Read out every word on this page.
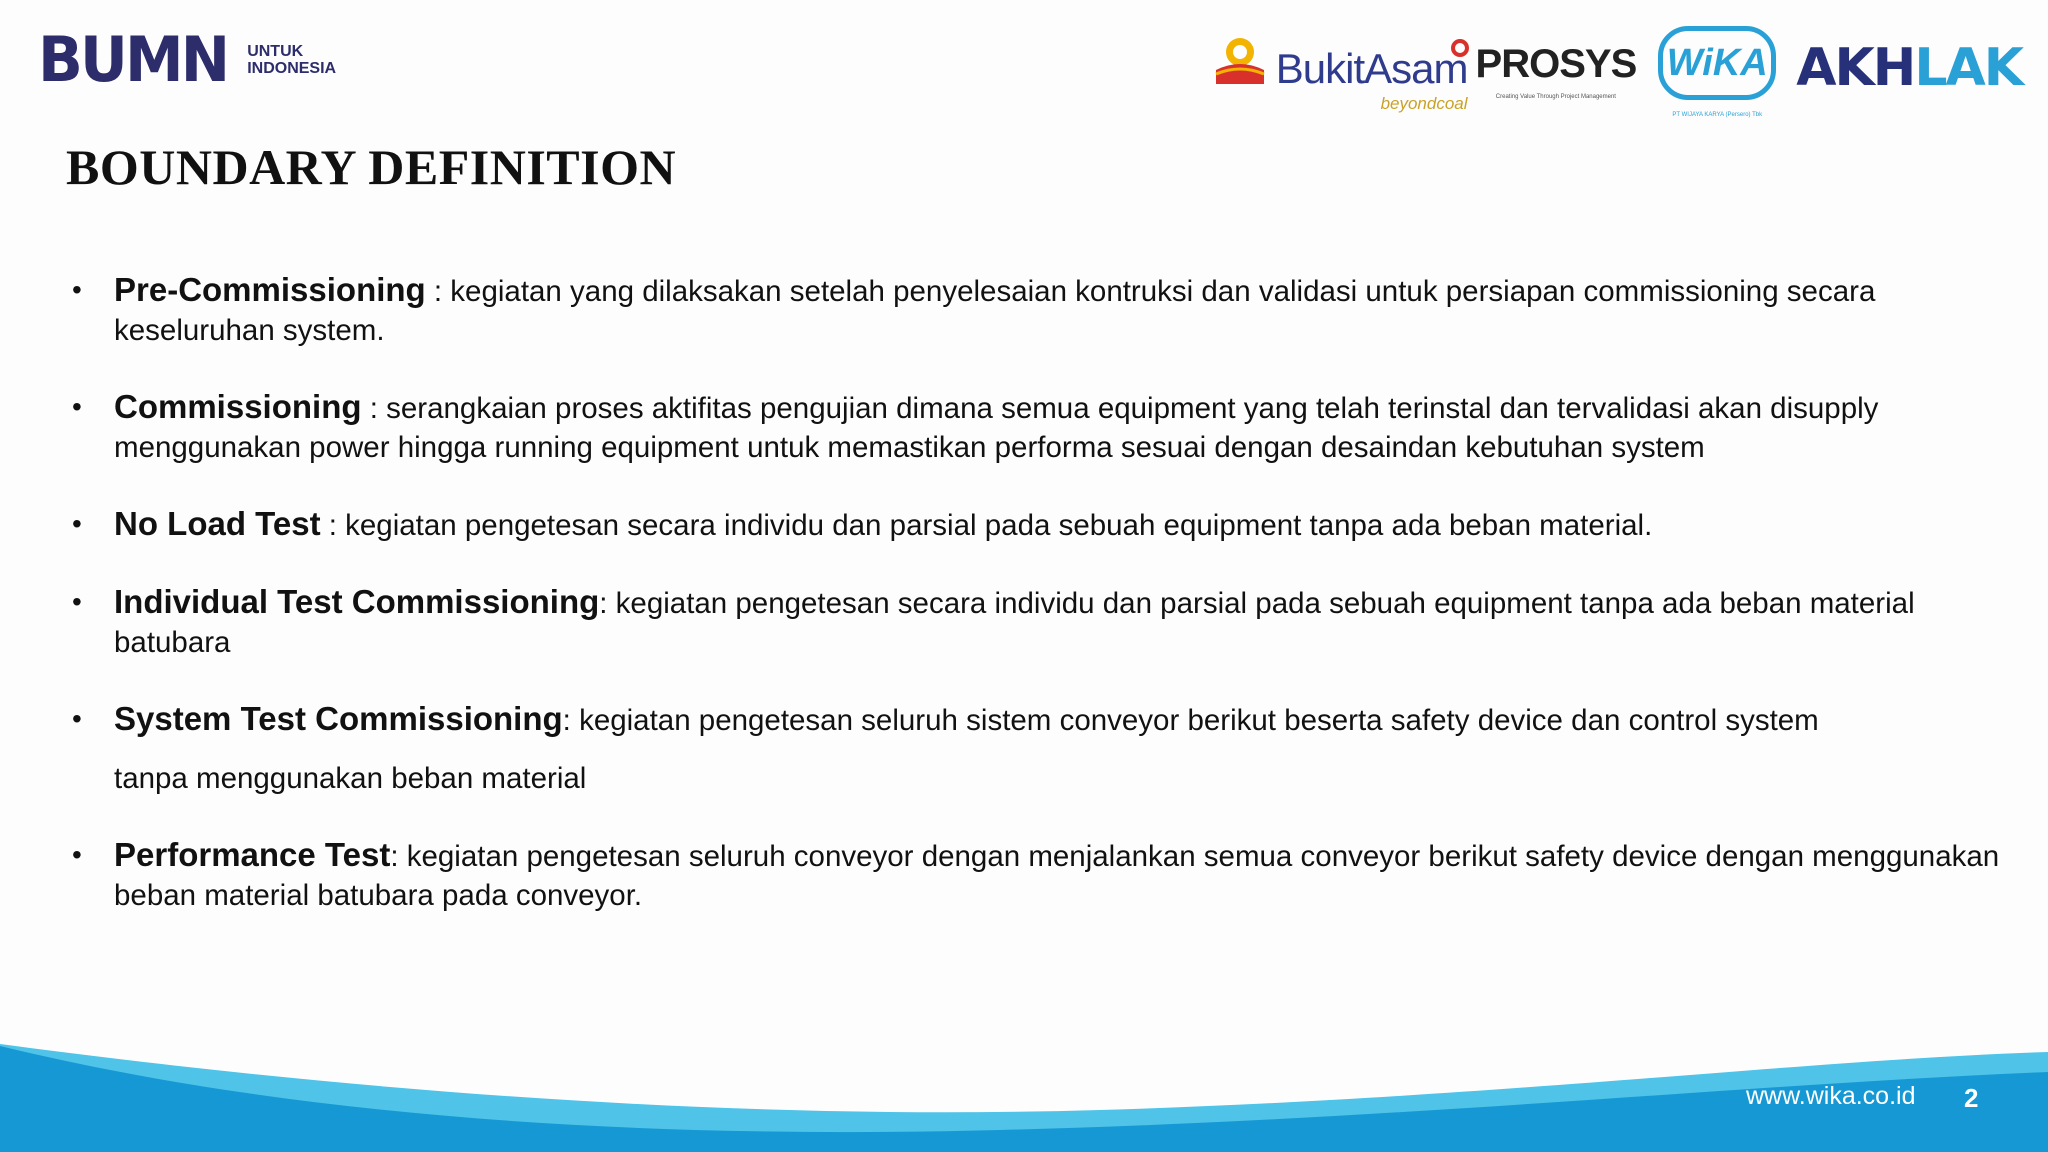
BUMN UNTUK
INDONESIA	BukitAsam
beyondcoal
PROSYS
Creating Value Through Project Management
WiKA
PT WIJAYA KARYA (Persero) Tbk
AKHLAK
BOUNDARY DEFINITION
• Pre-Commissioning : kegiatan yang dilaksakan setelah penyelesaian kontruksi dan validasi untuk persiapan commissioning secara keseluruhan system.
• Commissioning : serangkaian proses aktifitas pengujian dimana semua equipment yang telah terinstal dan tervalidasi akan disupply menggunakan power hingga running equipment untuk memastikan performa sesuai dengan desaindan kebutuhan system
• No Load Test : kegiatan pengetesan secara individu dan parsial pada sebuah equipment tanpa ada beban material.
• Individual Test Commissioning: kegiatan pengetesan secara individu dan parsial pada sebuah equipment tanpa ada beban material batubara
• System Test Commissioning: kegiatan pengetesan seluruh sistem conveyor berikut beserta safety device dan control system
tanpa menggunakan beban material
• Performance Test: kegiatan pengetesan seluruh conveyor dengan menjalankan semua conveyor berikut safety device dengan menggunakan beban material batubara pada conveyor.
www.wika.co.id 2
